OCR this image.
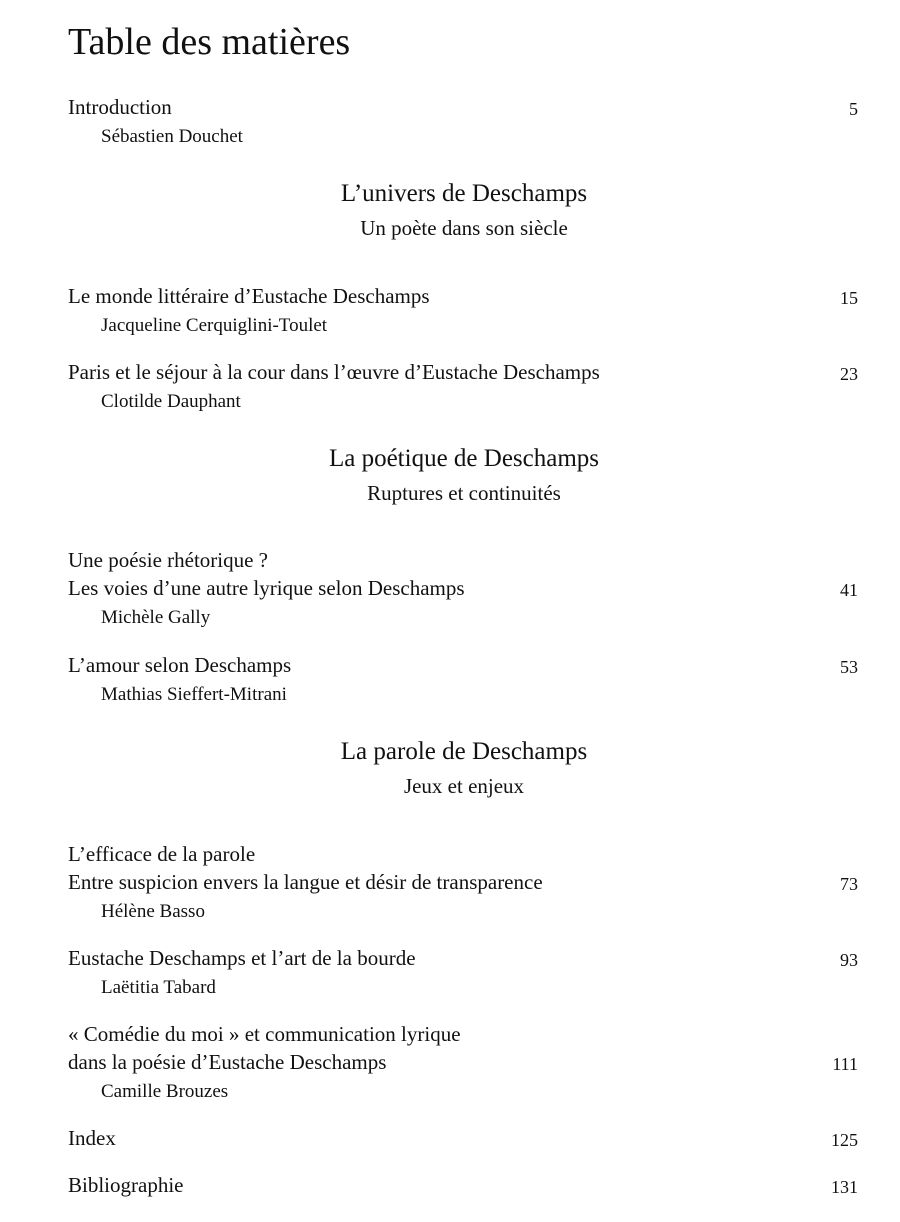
Table des matières
Introduction
Sébastien Douchet
5
L’univers de Deschamps
Un poète dans son siècle
Le monde littéraire d’Eustache Deschamps
Jacqueline Cerquiglini-Toulet
15
Paris et le séjour à la cour dans l’œuvre d’Eustache Deschamps
Clotilde Dauphant
23
La poétique de Deschamps
Ruptures et continuités
Une poésie rhétorique ?
Les voies d’une autre lyrique selon Deschamps
Michèle Gally
41
L’amour selon Deschamps
Mathias Sieffert-Mitrani
53
La parole de Deschamps
Jeux et enjeux
L’efficace de la parole
Entre suspicion envers la langue et désir de transparence
Hélène Basso
73
Eustache Deschamps et l’art de la bourde
Laëtitia Tabard
93
« Comédie du moi » et communication lyrique
dans la poésie d’Eustache Deschamps
Camille Brouzes
111
Index	125
Bibliographie	131
